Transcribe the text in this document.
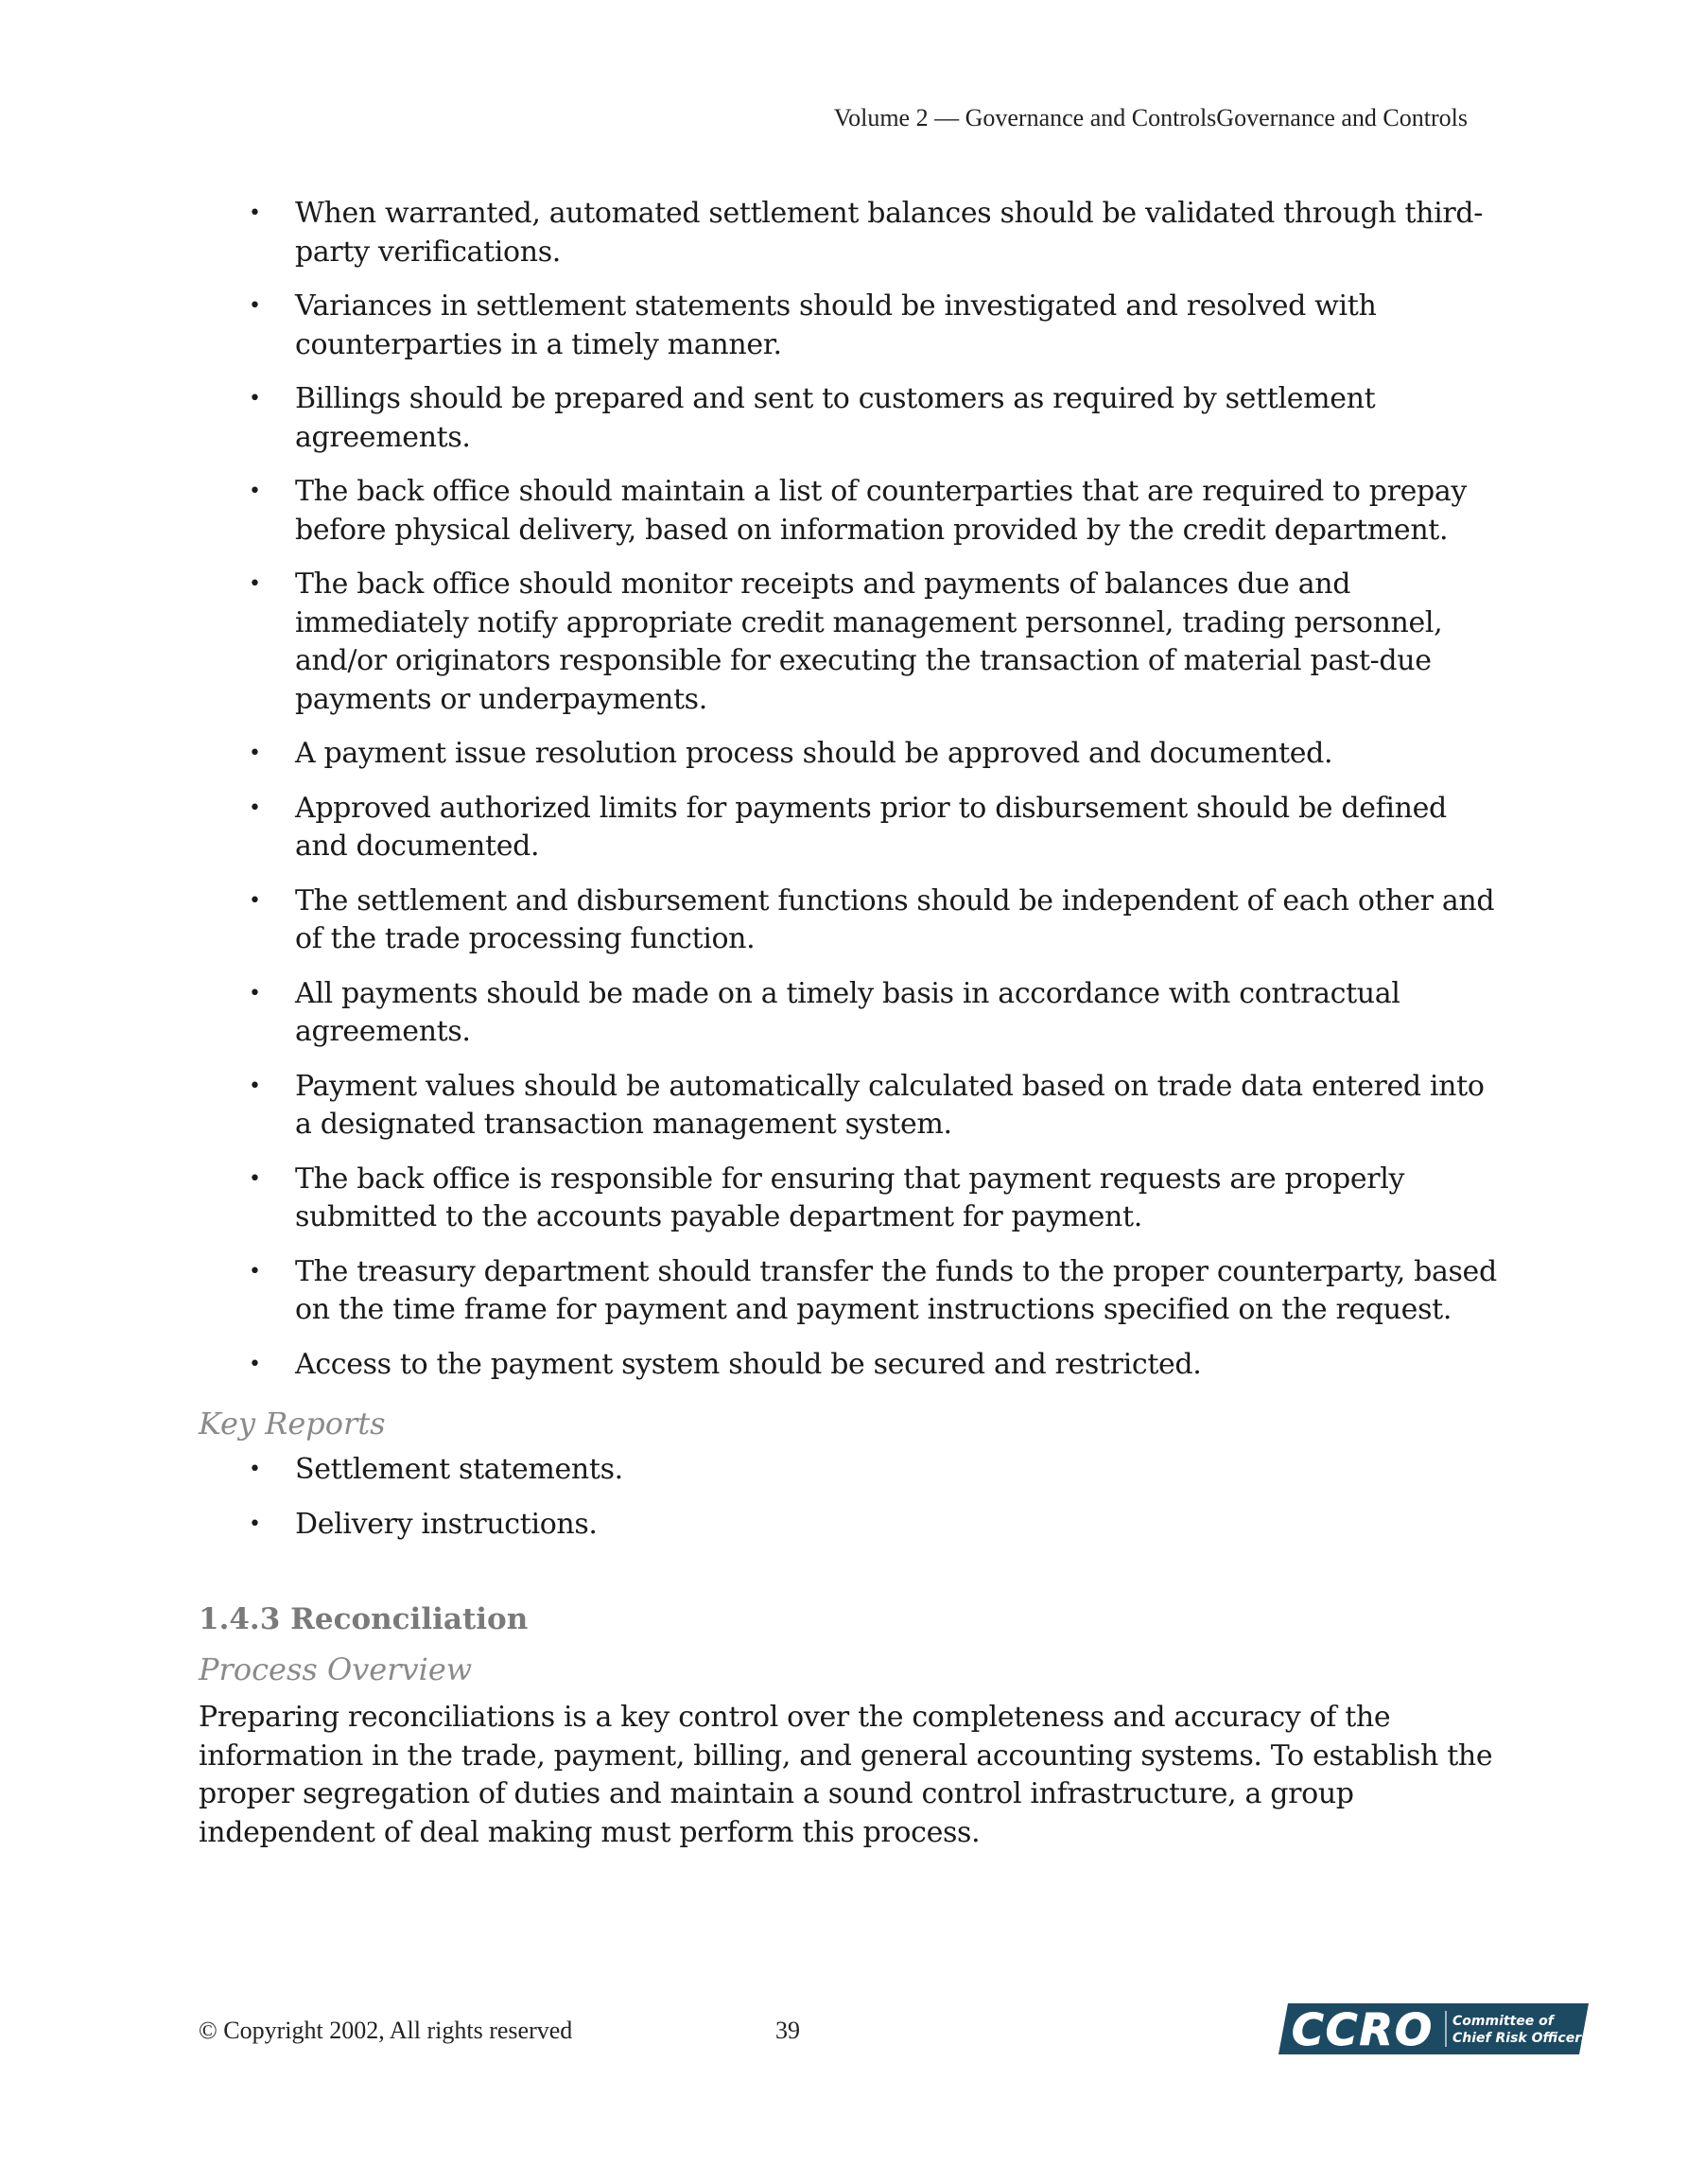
Volume 2 — Governance and ControlsGovernance and Controls
• When warranted, automated settlement balances should be validated through third-party verifications.
• Variances in settlement statements should be investigated and resolved with counterparties in a timely manner.
• Billings should be prepared and sent to customers as required by settlement agreements.
• The back office should maintain a list of counterparties that are required to prepay before physical delivery, based on information provided by the credit department.
• The back office should monitor receipts and payments of balances due and immediately notify appropriate credit management personnel, trading personnel, and/or originators responsible for executing the transaction of material past-due payments or underpayments.
• A payment issue resolution process should be approved and documented.
• Approved authorized limits for payments prior to disbursement should be defined and documented.
• The settlement and disbursement functions should be independent of each other and of the trade processing function.
• All payments should be made on a timely basis in accordance with contractual agreements.
• Payment values should be automatically calculated based on trade data entered into a designated transaction management system.
• The back office is responsible for ensuring that payment requests are properly submitted to the accounts payable department for payment.
• The treasury department should transfer the funds to the proper counterparty, based on the time frame for payment and payment instructions specified on the request.
• Access to the payment system should be secured and restricted.
Key Reports
• Settlement statements.
• Delivery instructions.
1.4.3 Reconciliation
Process Overview

Preparing reconciliations is a key control over the completeness and accuracy of the information in the trade, payment, billing, and general accounting systems. To establish the proper segregation of duties and maintain a sound control infrastructure, a group independent of deal making must perform this process.

© Copyright 2002, All rights reserved	39	CCRO Committee of
Chief Risk Officers
